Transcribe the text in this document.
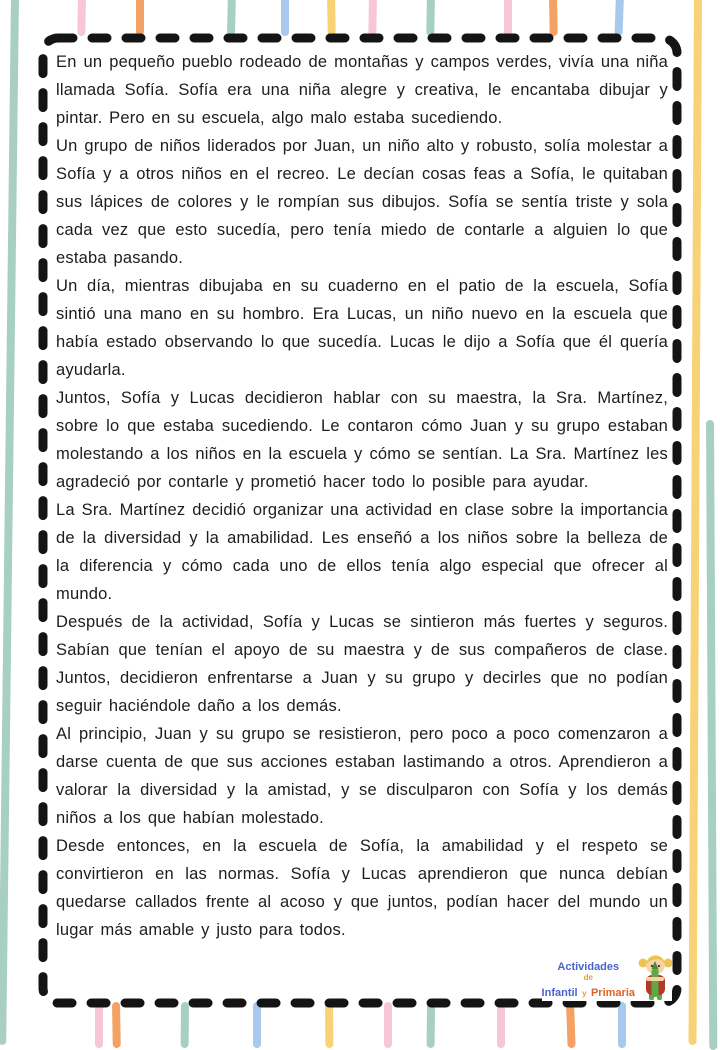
En un pequeño pueblo rodeado de montañas y campos verdes, vivía una niña llamada Sofía. Sofía era una niña alegre y creativa, le encantaba dibujar y pintar. Pero en su escuela, algo malo estaba sucediendo.

Un grupo de niños liderados por Juan, un niño alto y robusto, solía molestar a Sofía y a otros niños en el recreo. Le decían cosas feas a Sofía, le quitaban sus lápices de colores y le rompían sus dibujos. Sofía se sentía triste y sola cada vez que esto sucedía, pero tenía miedo de contarle a alguien lo que estaba pasando.

Un día, mientras dibujaba en su cuaderno en el patio de la escuela, Sofía sintió una mano en su hombro. Era Lucas, un niño nuevo en la escuela que había estado observando lo que sucedía. Lucas le dijo a Sofía que él quería ayudarla.

Juntos, Sofía y Lucas decidieron hablar con su maestra, la Sra. Martínez, sobre lo que estaba sucediendo. Le contaron cómo Juan y su grupo estaban molestando a los niños en la escuela y cómo se sentían. La Sra. Martínez les agradeció por contarle y prometió hacer todo lo posible para ayudar.

La Sra. Martínez decidió organizar una actividad en clase sobre la importancia de la diversidad y la amabilidad. Les enseñó a los niños sobre la belleza de la diferencia y cómo cada uno de ellos tenía algo especial que ofrecer al mundo.

Después de la actividad, Sofía y Lucas se sintieron más fuertes y seguros. Sabían que tenían el apoyo de su maestra y de sus compañeros de clase. Juntos, decidieron enfrentarse a Juan y su grupo y decirles que no podían seguir haciéndole daño a los demás.

Al principio, Juan y su grupo se resistieron, pero poco a poco comenzaron a darse cuenta de que sus acciones estaban lastimando a otros. Aprendieron a valorar la diversidad y la amistad, y se disculparon con Sofía y los demás niños a los que habían molestado.

Desde entonces, en la escuela de Sofía, la amabilidad y el respeto se convirtieron en las normas. Sofía y Lucas aprendieron que nunca debían quedarse callados frente al acoso y que juntos, podían hacer del mundo un lugar más amable y justo para todos.

Actividades
de
Infantil y Primaria
